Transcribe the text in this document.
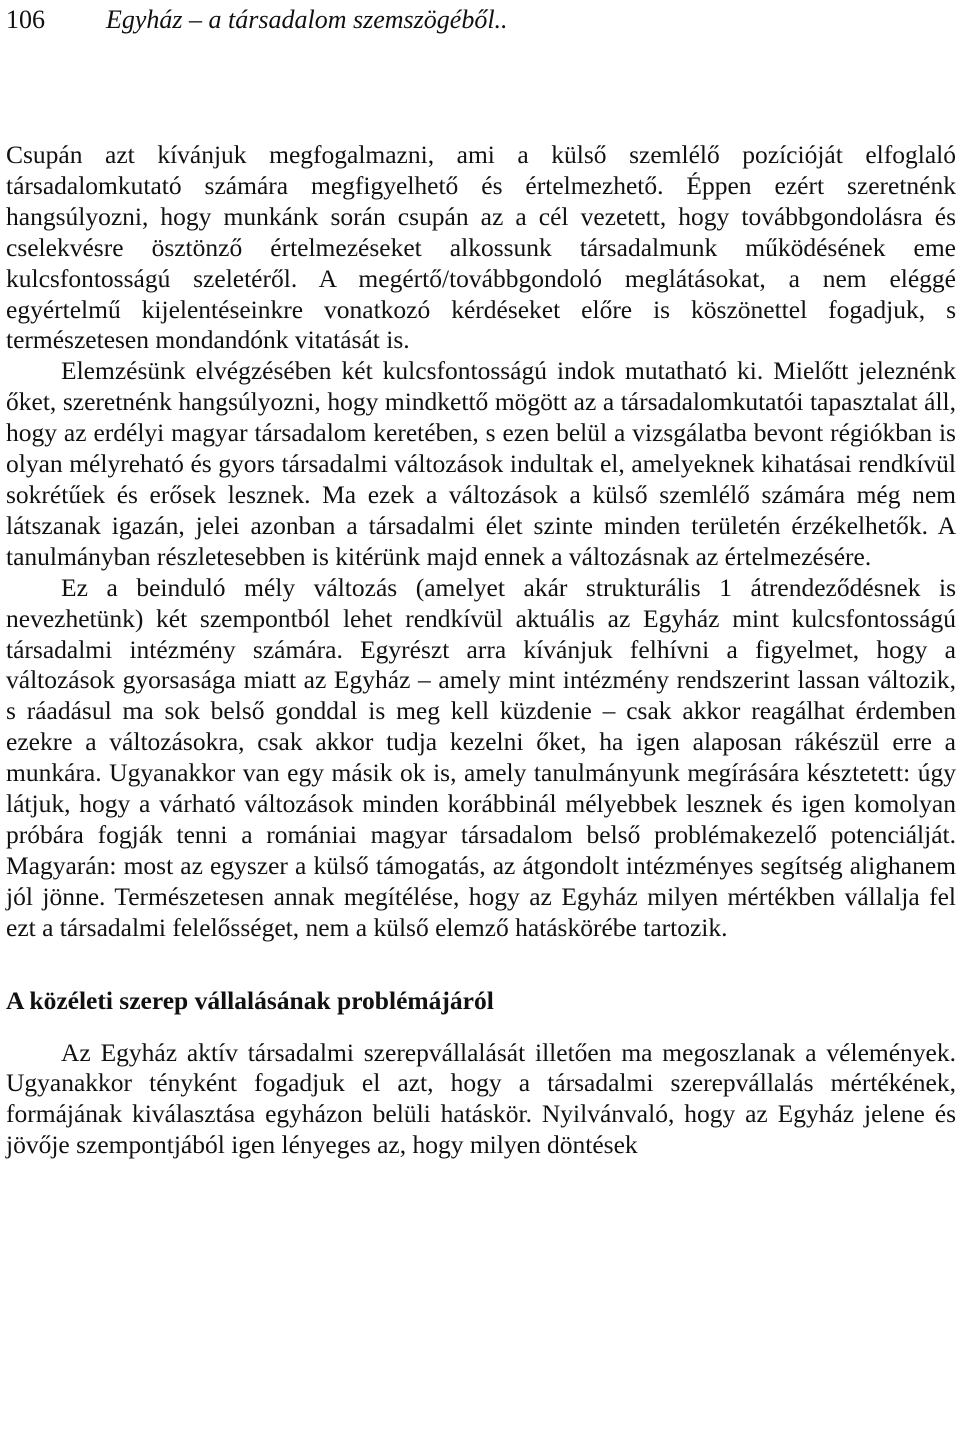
106 Egyház – a társadalom szemszögéből..

Csupán azt kívánjuk megfogalmazni, ami a külső szemlélő pozícióját elfoglaló társadalomkutató számára megfigyelhető és értelmezhető. Éppen ezért szeretnénk hangsúlyozni, hogy munkánk során csupán az a cél vezetett, hogy továbbgondolásra és cselekvésre ösztönző értelmezéseket alkossunk társadalmunk működésének eme kulcsfontosságú szeletéről. A megértő/továbbgondoló meglátásokat, a nem eléggé egyértelmű kijelentéseinkre vonatkozó kérdéseket előre is köszönettel fogadjuk, s természetesen mondandónk vitatását is.

Elemzésünk elvégzésében két kulcsfontosságú indok mutatható ki. Mielőtt jeleznénk őket, szeretnénk hangsúlyozni, hogy mindkettő mögött az a társadalomkutatói tapasztalat áll, hogy az erdélyi magyar társadalom keretében, s ezen belül a vizsgálatba bevont régiókban is olyan mélyreható és gyors társadalmi változások indultak el, amelyeknek kihatásai rendkívül sokrétűek és erősek lesznek. Ma ezek a változások a külső szemlélő számára még nem látszanak igazán, jelei azonban a társadalmi élet szinte minden területén érzékelhetők. A tanulmányban részletesebben is kitérünk majd ennek a változásnak az értelmezésére.

Ez a beinduló mély változás (amelyet akár strukturális 1 átrendeződésnek is nevezhetünk) két szempontból lehet rendkívül aktuális az Egyház mint kulcsfontosságú társadalmi intézmény számára. Egyrészt arra kívánjuk felhívni a figyelmet, hogy a változások gyorsasága miatt az Egyház – amely mint intézmény rendszerint lassan változik, s ráadásul ma sok belső gonddal is meg kell küzdenie – csak akkor reagálhat érdemben ezekre a változásokra, csak akkor tudja kezelni őket, ha igen alaposan rákészül erre a munkára. Ugyanakkor van egy másik ok is, amely tanulmányunk megírására késztetett: úgy látjuk, hogy a várható változások minden korábbinál mélyebbek lesznek és igen komolyan próbára fogják tenni a romániai magyar társadalom belső problémakezelő potenciálját. Magyarán: most az egyszer a külső támogatás, az átgondolt intézményes segítség alighanem jól jönne. Természetesen annak megítélése, hogy az Egyház milyen mértékben vállalja fel ezt a társadalmi felelősséget, nem a külső elemző hatáskörébe tartozik.

A közéleti szerep vállalásának problémájáról

Az Egyház aktív társadalmi szerepvállalását illetően ma megoszlanak a vélemények. Ugyanakkor tényként fogadjuk el azt, hogy a társadalmi szerepvállalás mértékének, formájának kiválasztása egyházon belüli hatáskör. Nyilvánvaló, hogy az Egyház jelene és jövője szempontjából igen lényeges az, hogy milyen döntések
